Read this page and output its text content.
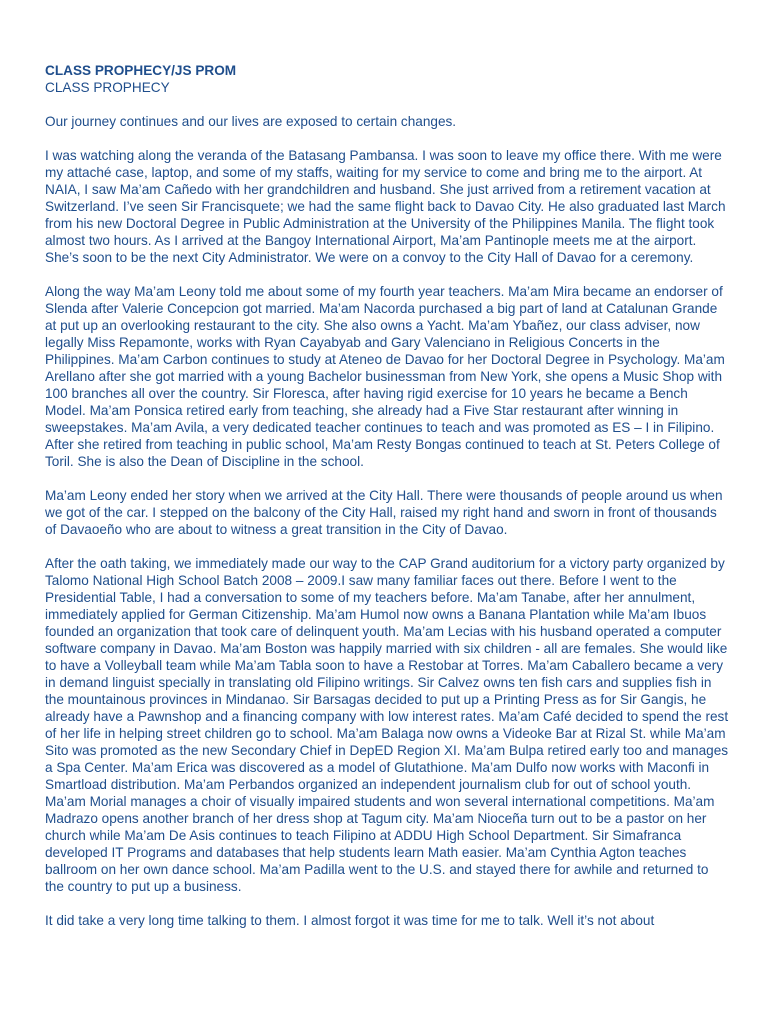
CLASS PROPHECY/JS PROM
CLASS PROPHECY

Our journey continues and our lives are exposed to certain changes.

I was watching along the veranda of the Batasang Pambansa. I was soon to leave my office there. With me were my attaché case, laptop, and some of my staffs, waiting for my service to come and bring me to the airport. At NAIA, I saw Ma’am Cañedo with her grandchildren and husband. She just arrived from a retirement vacation at Switzerland. I’ve seen Sir Francisquete; we had the same flight back to Davao City. He also graduated last March from his new Doctoral Degree in Public Administration at the University of the Philippines Manila. The flight took almost two hours. As I arrived at the Bangoy International Airport, Ma’am Pantinople meets me at the airport. She’s soon to be the next City Administrator. We were on a convoy to the City Hall of Davao for a ceremony.

Along the way Ma’am Leony told me about some of my fourth year teachers. Ma’am Mira became an endorser of Slenda after Valerie Concepcion got married. Ma’am Nacorda purchased a big part of land at Catalunan Grande at put up an overlooking restaurant to the city. She also owns a Yacht. Ma’am Ybañez, our class adviser, now legally Miss Repamonte, works with Ryan Cayabyab and Gary Valenciano in Religious Concerts in the Philippines. Ma’am Carbon continues to study at Ateneo de Davao for her Doctoral Degree in Psychology. Ma’am Arellano after she got married with a young Bachelor businessman from New York, she opens a Music Shop with 100 branches all over the country. Sir Floresca, after having rigid exercise for 10 years he became a Bench Model. Ma’am Ponsica retired early from teaching, she already had a Five Star restaurant after winning in sweepstakes. Ma’am Avila, a very dedicated teacher continues to teach and was promoted as ES – I in Filipino. After she retired from teaching in public school, Ma’am Resty Bongas continued to teach at St. Peters College of Toril. She is also the Dean of Discipline in the school.

Ma’am Leony ended her story when we arrived at the City Hall. There were thousands of people around us when we got of the car. I stepped on the balcony of the City Hall, raised my right hand and sworn in front of thousands of Davaoeño who are about to witness a great transition in the City of Davao.

After the oath taking, we immediately made our way to the CAP Grand auditorium for a victory party organized by Talomo National High School Batch 2008 – 2009.I saw many familiar faces out there. Before I went to the Presidential Table, I had a conversation to some of my teachers before. Ma’am Tanabe, after her annulment, immediately applied for German Citizenship. Ma’am Humol now owns a Banana Plantation while Ma’am Ibuos founded an organization that took care of delinquent youth. Ma’am Lecias with his husband operated a computer software company in Davao. Ma’am Boston was happily married with six children - all are females. She would like to have a Volleyball team while Ma’am Tabla soon to have a Restobar at Torres. Ma’am Caballero became a very in demand linguist specially in translating old Filipino writings. Sir Calvez owns ten fish cars and supplies fish in the mountainous provinces in Mindanao. Sir Barsagas decided to put up a Printing Press as for Sir Gangis, he already have a Pawnshop and a financing company with low interest rates. Ma’am Café decided to spend the rest of her life in helping street children go to school. Ma’am Balaga now owns a Videoke Bar at Rizal St. while Ma’am Sito was promoted as the new Secondary Chief in DepED Region XI. Ma’am Bulpa retired early too and manages a Spa Center. Ma’am Erica was discovered as a model of Glutathione. Ma’am Dulfo now works with Maconfi in Smartload distribution. Ma’am Perbandos organized an independent journalism club for out of school youth. Ma’am Morial manages a choir of visually impaired students and won several international competitions. Ma’am Madrazo opens another branch of her dress shop at Tagum city. Ma’am Nioceña turn out to be a pastor on her church while Ma’am De Asis continues to teach Filipino at ADDU High School Department. Sir Simafranca developed IT Programs and databases that help students learn Math easier. Ma’am Cynthia Agton teaches ballroom on her own dance school. Ma’am Padilla went to the U.S. and stayed there for awhile and returned to the country to put up a business.

It did take a very long time talking to them. I almost forgot it was time for me to talk. Well it’s not about
